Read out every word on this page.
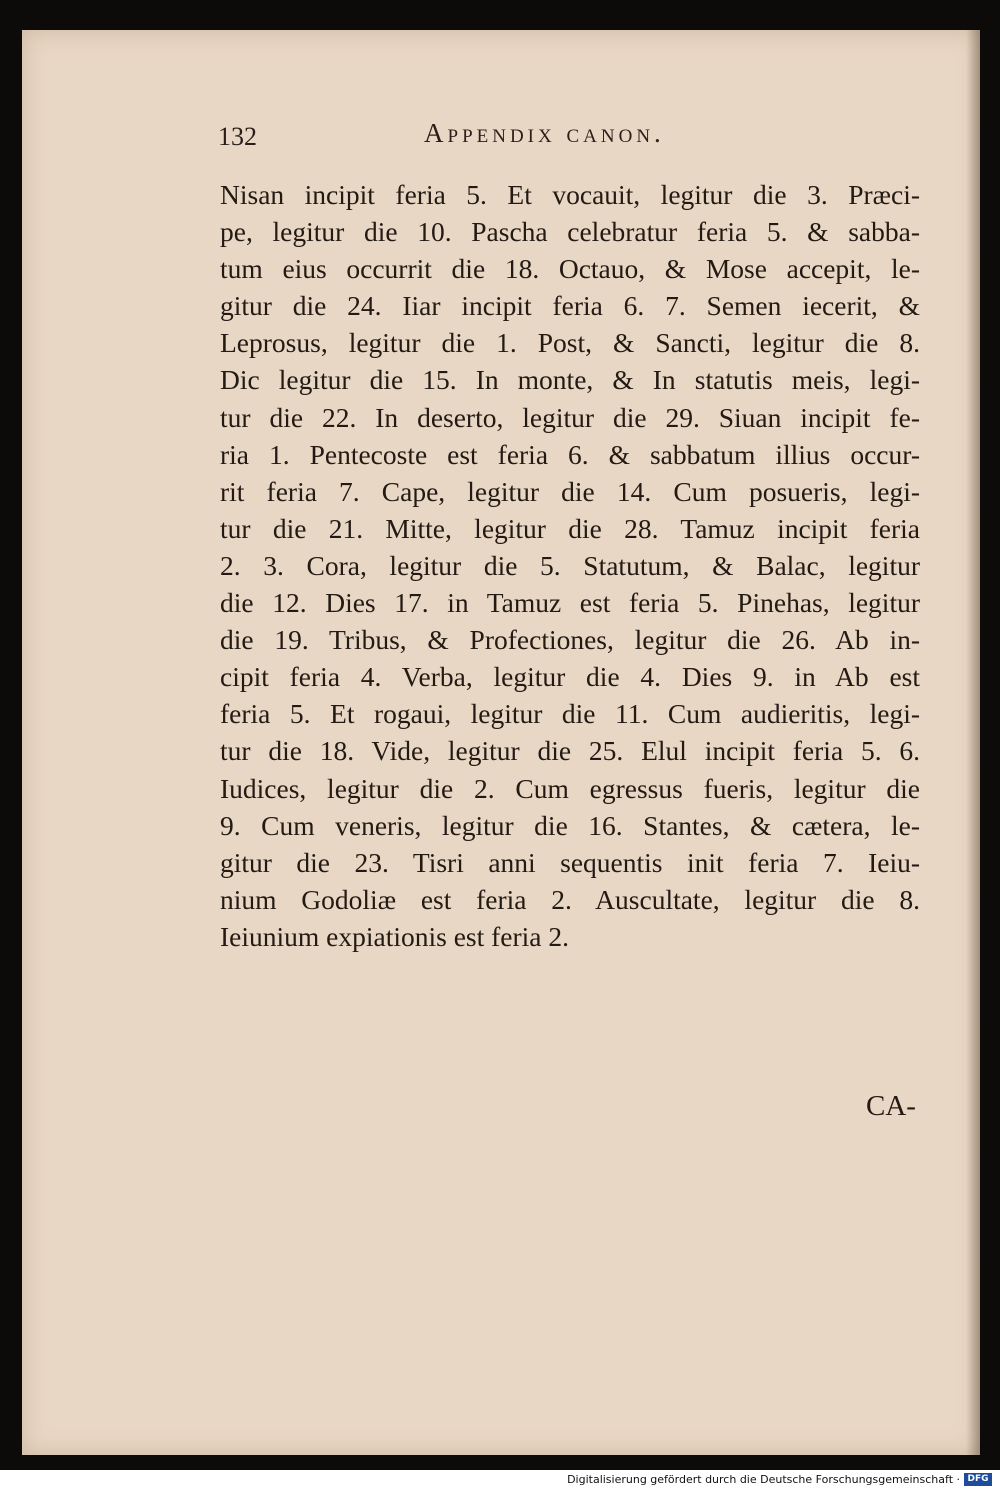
132	Appendix canon.
Nisan incipit feria 5. Et vocauit, legitur die 3. Præci-
pe, legitur die 10. Pascha celebratur feria 5. & sabba-
tum eius occurrit die 18. Octauo, & Mose accepit, le-
gitur die 24. Iiar incipit feria 6. 7. Semen iecerit, &
Leprosus, legitur die 1. Post, & Sancti, legitur die 8.
Dic legitur die 15. In monte, & In statutis meis, legi-
tur die 22. In deserto, legitur die 29. Siuan incipit fe-
ria 1. Pentecoste est feria 6. & sabbatum illius occur-
rit feria 7. Cape, legitur die 14. Cum posueris, legi-
tur die 21. Mitte, legitur die 28. Tamuz incipit feria
2. 3. Cora, legitur die 5. Statutum, & Balac, legitur
die 12. Dies 17. in Tamuz est feria 5. Pinehas, legitur
die 19. Tribus, & Profectiones, legitur die 26. Ab in-
cipit feria 4. Verba, legitur die 4. Dies 9. in Ab est
feria 5. Et rogaui, legitur die 11. Cum audieritis, legi-
tur die 18. Vide, legitur die 25. Elul incipit feria 5. 6.
Iudices, legitur die 2. Cum egressus fueris, legitur die
9. Cum veneris, legitur die 16. Stantes, & cætera, le-
gitur die 23. Tisri anni sequentis init feria 7. Ieiu-
nium Godoliæ est feria 2. Auscultate, legitur die 8.
Ieiunium expiationis est feria 2.
CA-
Digitalisierung gefördert durch die Deutsche Forschungsgemeinschaft · DFG
